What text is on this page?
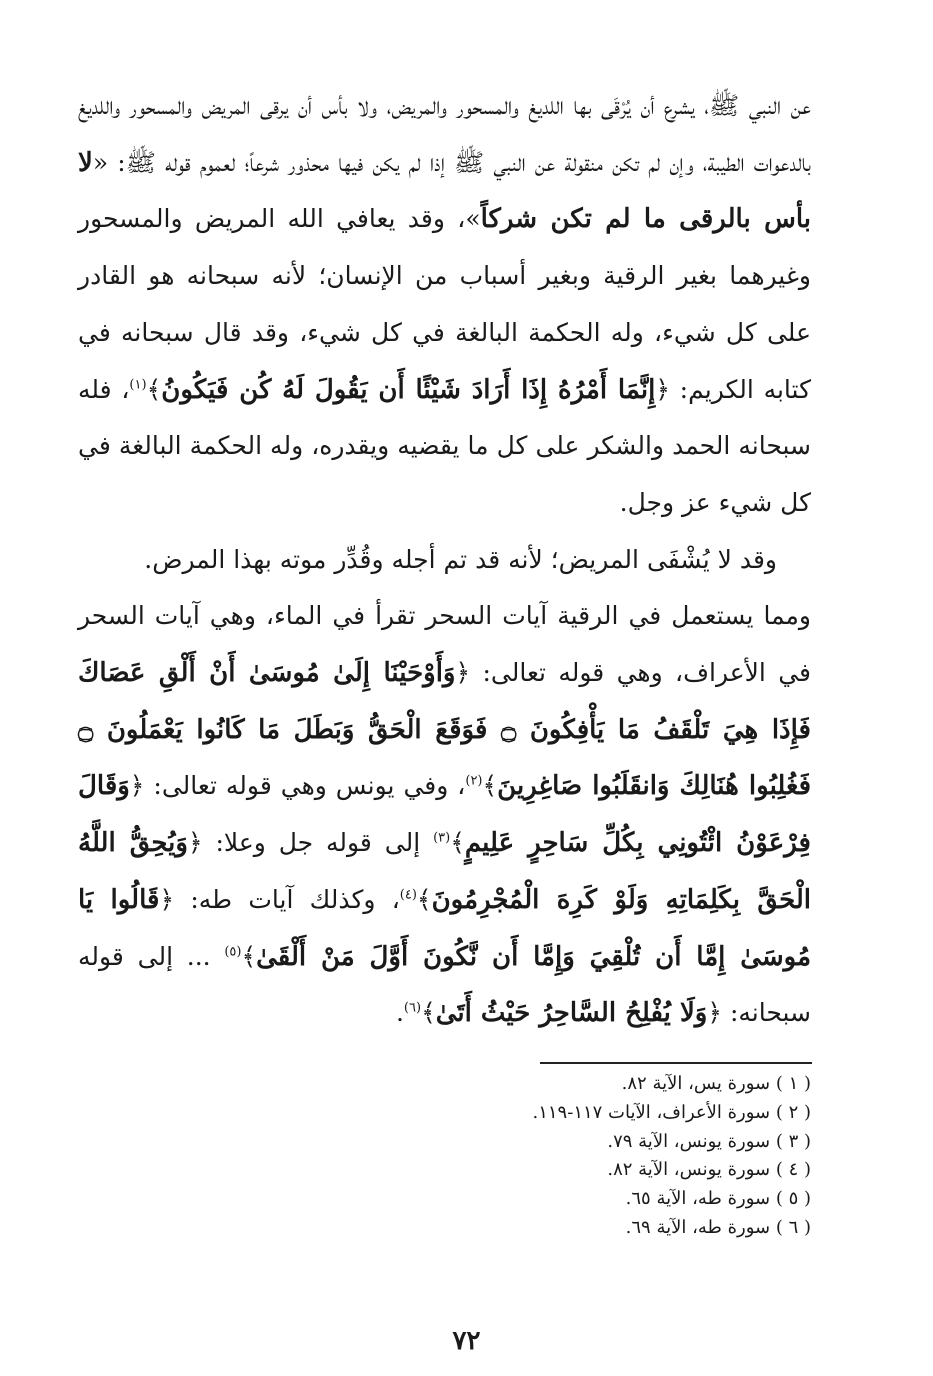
عن النبي ﷺ، يشرع أن يُرْقَى بها اللديغ والمسحور والمريض، ولا بأس أن يرقى المريض والمسحور واللديغ بالدعوات الطيبة، وإن لم تكن منقولة عن النبي ﷺ إذا لم يكن فيها محذور شرعاً؛ لعموم قوله ﷺ: «لا بأس بالرقى ما لم تكن شركاً»، وقد يعافي الله المريض والمسحور وغيرهما بغير الرقية وبغير أسباب من الإنسان؛ لأنه سبحانه هو القادر على كل شيء، وله الحكمة البالغة في كل شيء، وقد قال سبحانه في كتابه الكريم: ﴿إِنَّمَا أَمْرُهُ إِذَا أَرَادَ شَيْئًا أَن يَقُولَ لَهُ كُن فَيَكُونُ﴾$^{(١)}$، فله سبحانه الحمد والشكر على كل ما يقضيه ويقدره، وله الحكمة البالغة في كل شيء عز وجل.

وقد لا يُشْفَى المريض؛ لأنه قد تم أجله وقُدِّر موته بهذا المرض.

ومما يستعمل في الرقية آيات السحر تقرأ في الماء، وهي آيات السحر في الأعراف، وهي قوله تعالى: ﴿وَأَوْحَيْنَا إِلَىٰ مُوسَىٰ أَنْ أَلْقِ عَصَاكَ فَإِذَا هِيَ تَلْقَفُ مَا يَأْفِكُونَ ۝ فَوَقَعَ الْحَقُّ وَبَطَلَ مَا كَانُوا يَعْمَلُونَ ۝ فَغُلِبُوا هُنَالِكَ وَانقَلَبُوا صَاغِرِينَ﴾$^{(٢)}$، وفي يونس وهي قوله تعالى: ﴿وَقَالَ فِرْعَوْنُ ائْتُونِي بِكُلِّ سَاحِرٍ عَلِيمٍ﴾$^{(٣)}$ إلى قوله جل وعلا: ﴿وَيُحِقُّ اللَّهُ الْحَقَّ بِكَلِمَاتِهِ وَلَوْ كَرِهَ الْمُجْرِمُونَ﴾$^{(٤)}$، وكذلك آيات طه: ﴿قَالُوا يَا مُوسَىٰ إِمَّا أَن تُلْقِيَ وَإِمَّا أَن نَّكُونَ أَوَّلَ مَنْ أَلْقَىٰ﴾$^{(٥)}$ ... إلى قوله سبحانه: ﴿وَلَا يُفْلِحُ السَّاحِرُ حَيْثُ أَتَىٰ﴾$^{(٦)}$.

( ١ ) سورة يس، الآية ٨٢.
( ٢ ) سورة الأعراف، الآيات ١١٧-١١٩.
( ٣ ) سورة يونس، الآية ٧٩.
( ٤ ) سورة يونس، الآية ٨٢.
( ٥ ) سورة طه، الآية ٦٥.
( ٦ ) سورة طه، الآية ٦٩.
٧٢
